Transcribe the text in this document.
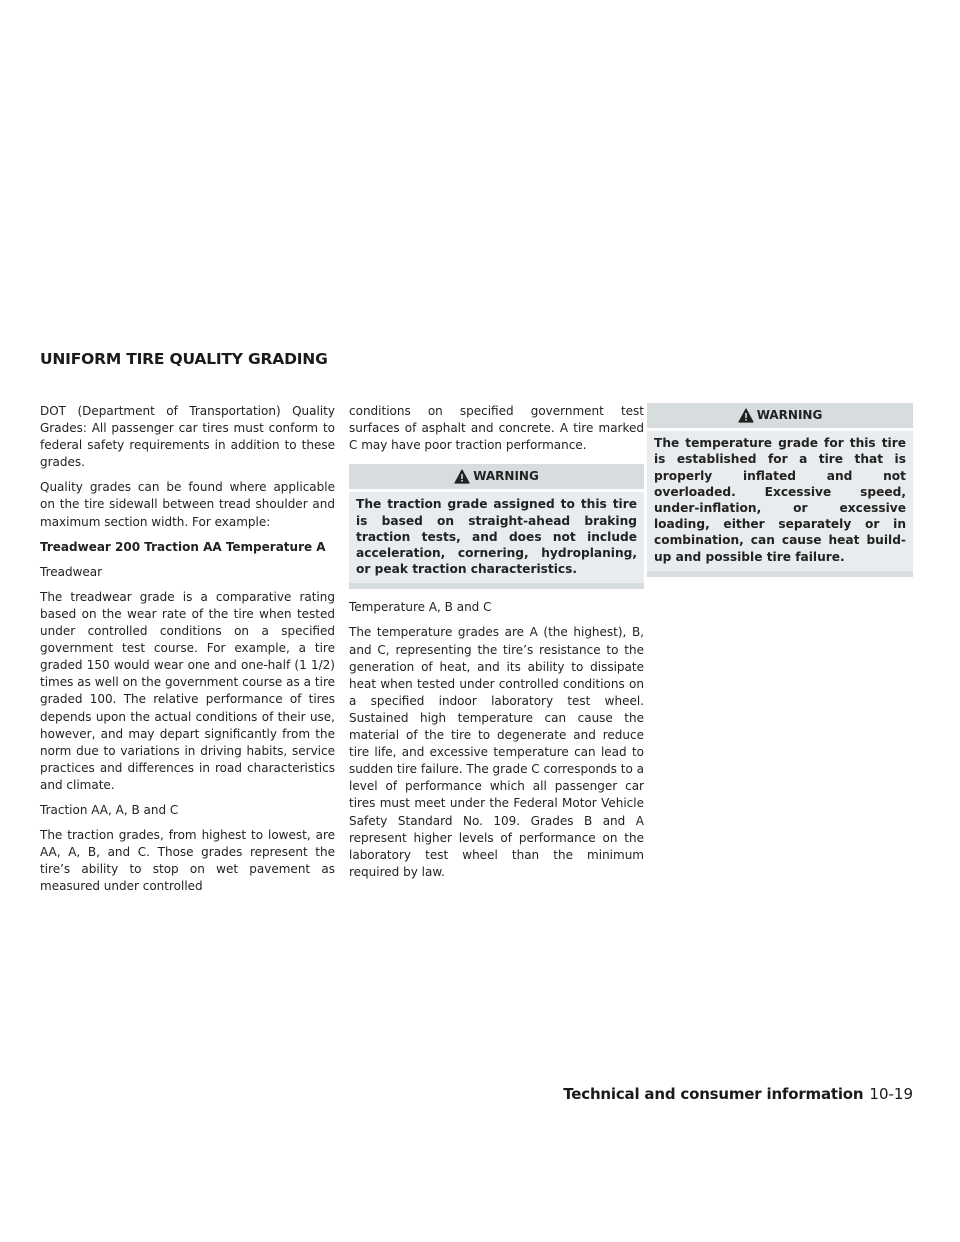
UNIFORM TIRE QUALITY GRADING

DOT (Department of Transportation) Quality Grades: All passenger car tires must conform to federal safety requirements in addition to these grades.

Quality grades can be found where applicable on the tire sidewall between tread shoulder and maximum section width. For example:

Treadwear 200 Traction AA Temperature A

Treadwear

The treadwear grade is a comparative rating based on the wear rate of the tire when tested under controlled conditions on a specified government test course. For example, a tire graded 150 would wear one and one-half (1 1/2) times as well on the government course as a tire graded 100. The relative performance of tires depends upon the actual conditions of their use, however, and may depart significantly from the norm due to variations in driving habits, service practices and differences in road characteristics and climate.

Traction AA, A, B and C

The traction grades, from highest to lowest, are AA, A, B, and C. Those grades represent the tire’s ability to stop on wet pavement as measured under controlled

conditions on specified government test surfaces of asphalt and concrete. A tire marked C may have poor traction performance.

WARNING
The traction grade assigned to this tire is based on straight-ahead braking traction tests, and does not include acceleration, cornering, hydroplaning, or peak traction characteristics.

Temperature A, B and C

The temperature grades are A (the highest), B, and C, representing the tire’s resistance to the generation of heat, and its ability to dissipate heat when tested under controlled conditions on a specified indoor laboratory test wheel. Sustained high temperature can cause the material of the tire to degenerate and reduce tire life, and excessive temperature can lead to sudden tire failure. The grade C corresponds to a level of performance which all passenger car tires must meet under the Federal Motor Vehicle Safety Standard No. 109. Grades B and A represent higher levels of performance on the laboratory test wheel than the minimum required by law.

WARNING
The temperature grade for this tire is established for a tire that is properly inflated and not overloaded. Excessive speed, under-inflation, or excessive loading, either separately or in combination, can cause heat build-up and possible tire failure.
Technical and consumer information 10-19
